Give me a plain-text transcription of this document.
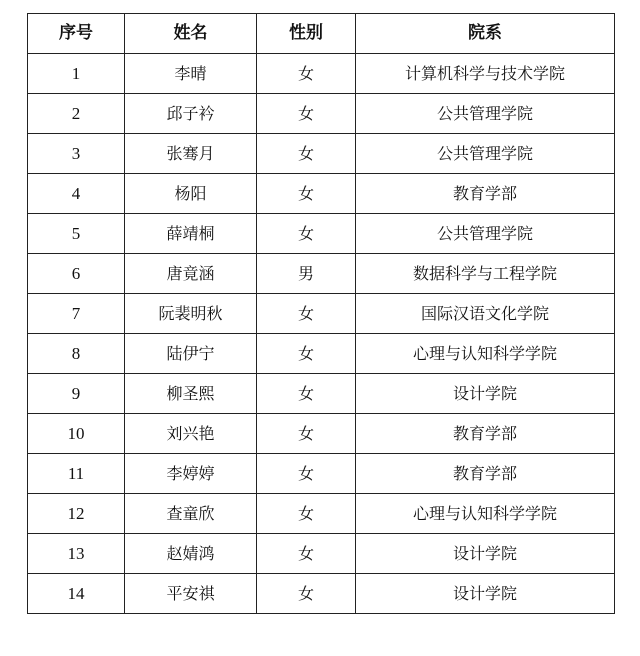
序号	姓名	性别	院系
1	李晴	女	计算机科学与技术学院
2	邱子衿	女	公共管理学院
3	张骞月	女	公共管理学院
4	杨阳	女	教育学部
5	薛靖桐	女	公共管理学院
6	唐竟涵	男	数据科学与工程学院
7	阮裴明秋	女	国际汉语文化学院
8	陆伊宁	女	心理与认知科学学院
9	柳圣熙	女	设计学院
10	刘兴艳	女	教育学部
11	李婷婷	女	教育学部
12	查童欣	女	心理与认知科学学院
13	赵婧鸿	女	设计学院
14	平安祺	女	设计学院
